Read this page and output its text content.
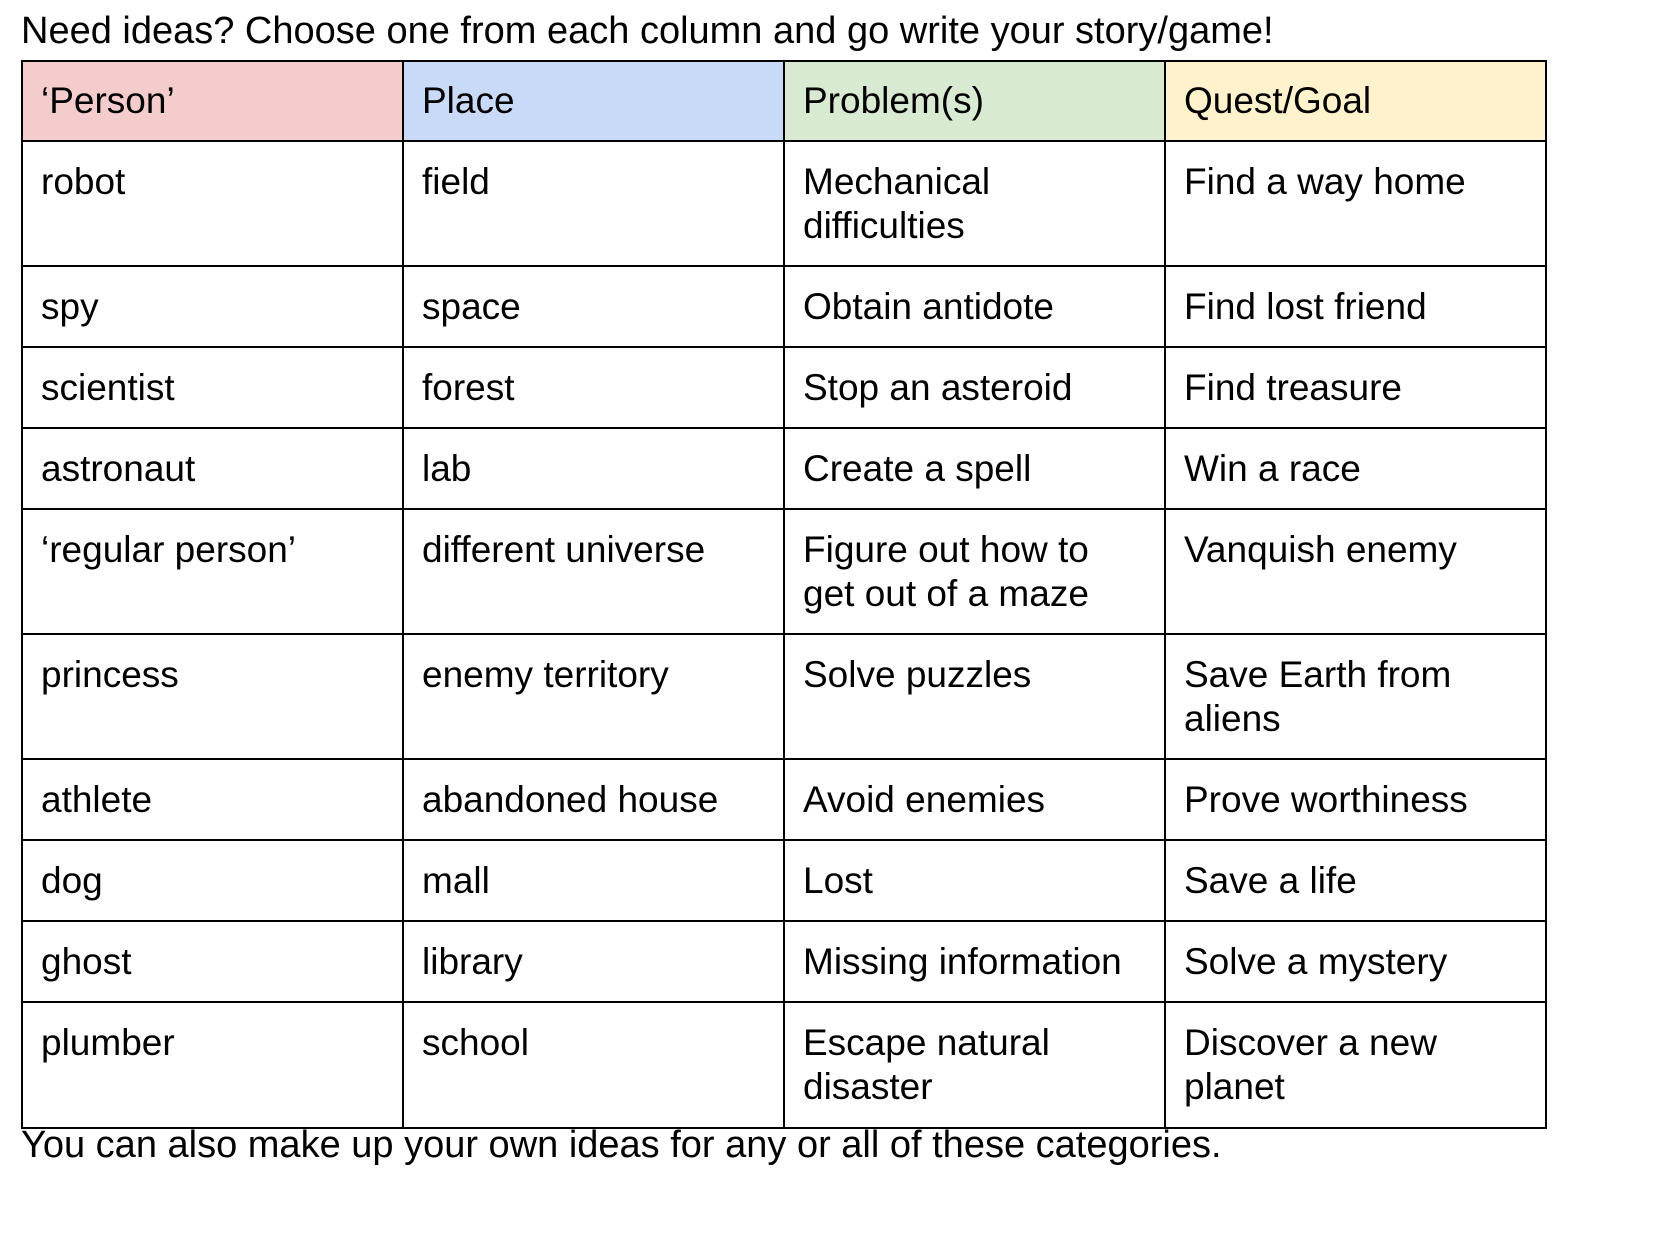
Need ideas? Choose one from each column and go write your story/game!
‘Person’	Place	Problem(s)	Quest/Goal
robot	field	Mechanical difficulties	Find a way home
spy	space	Obtain antidote	Find lost friend
scientist	forest	Stop an asteroid	Find treasure
astronaut	lab	Create a spell	Win a race
‘regular person’	different universe	Figure out how to get out of a maze	Vanquish enemy
princess	enemy territory	Solve puzzles	Save Earth from aliens
athlete	abandoned house	Avoid enemies	Prove worthiness
dog	mall	Lost	Save a life
ghost	library	Missing information	Solve a mystery
plumber	school	Escape natural disaster	Discover a new planet
You can also make up your own ideas for any or all of these categories.
